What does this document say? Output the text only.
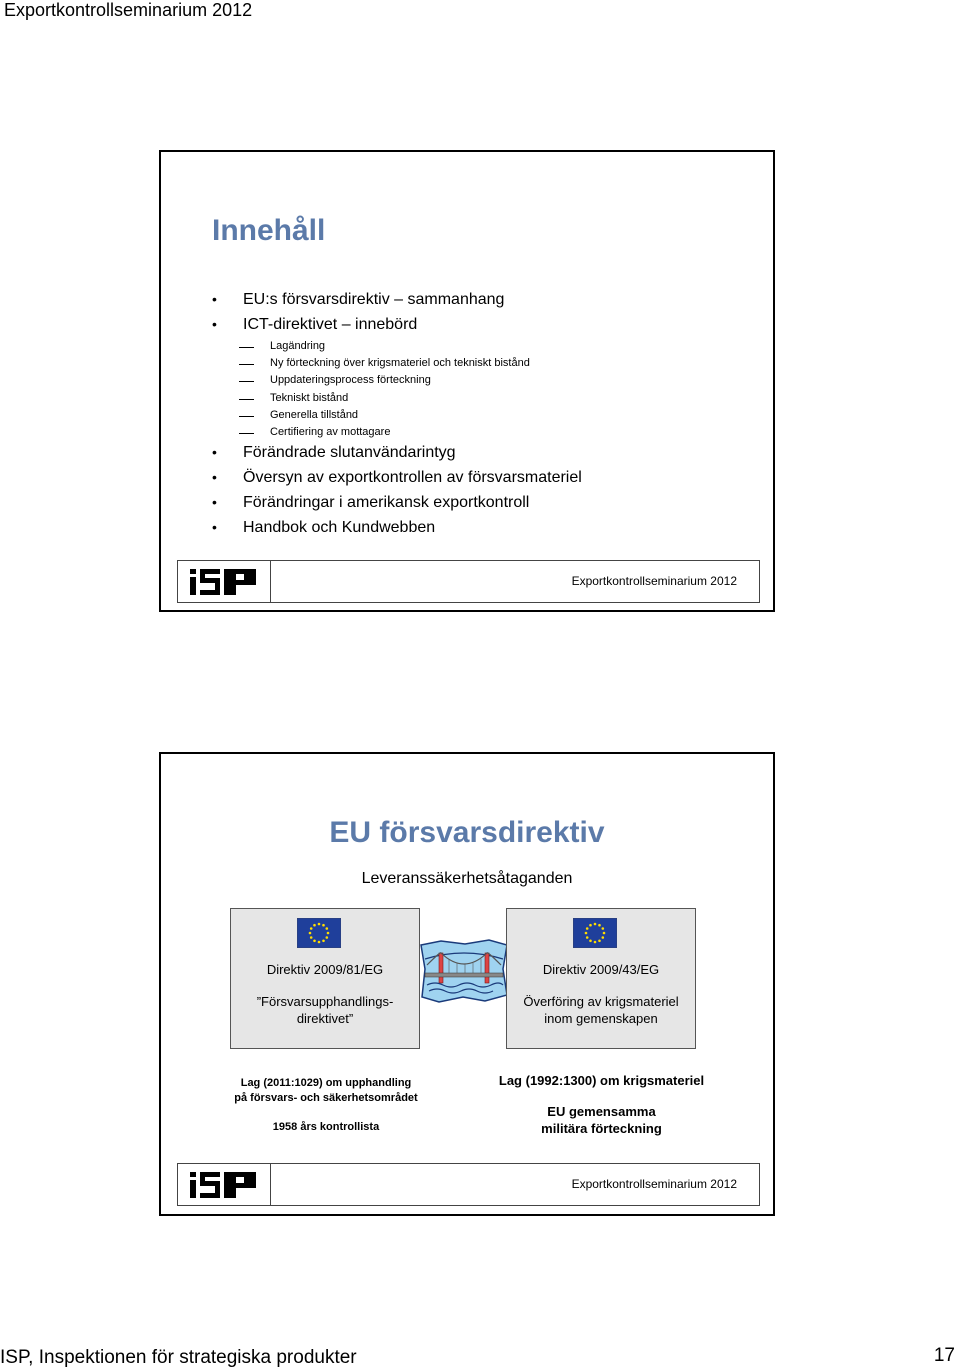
Exportkontrollseminarium 2012
Innehåll
• EU:s försvarsdirektiv – sammanhang
• ICT-direktivet – innebörd
Lagändring
Ny förteckning över krigsmateriel och tekniskt bistånd
Uppdateringsprocess förteckning
Tekniskt bistånd
Generella tillstånd
Certifiering av mottagare
• Förändrade slutanvändarintyg
• Översyn av exportkontrollen av försvarsmateriel
• Förändringar i amerikansk exportkontroll
• Handbok och Kundwebben
Exportkontrollseminarium 2012
EU försvarsdirektiv
Leveranssäkerhetsåtaganden
Direktiv 2009/81/EG
”Försvarsupphandlings-
direktivet”
Direktiv 2009/43/EG
Överföring av krigsmateriel
inom gemenskapen
Lag (2011:1029) om upphandling
på försvars- och säkerhetsområdet
1958 års kontrollista
Lag (1992:1300) om krigsmateriel
EU gemensamma
militära förteckning
Exportkontrollseminarium 2012
ISP, Inspektionen för strategiska produkter	17
